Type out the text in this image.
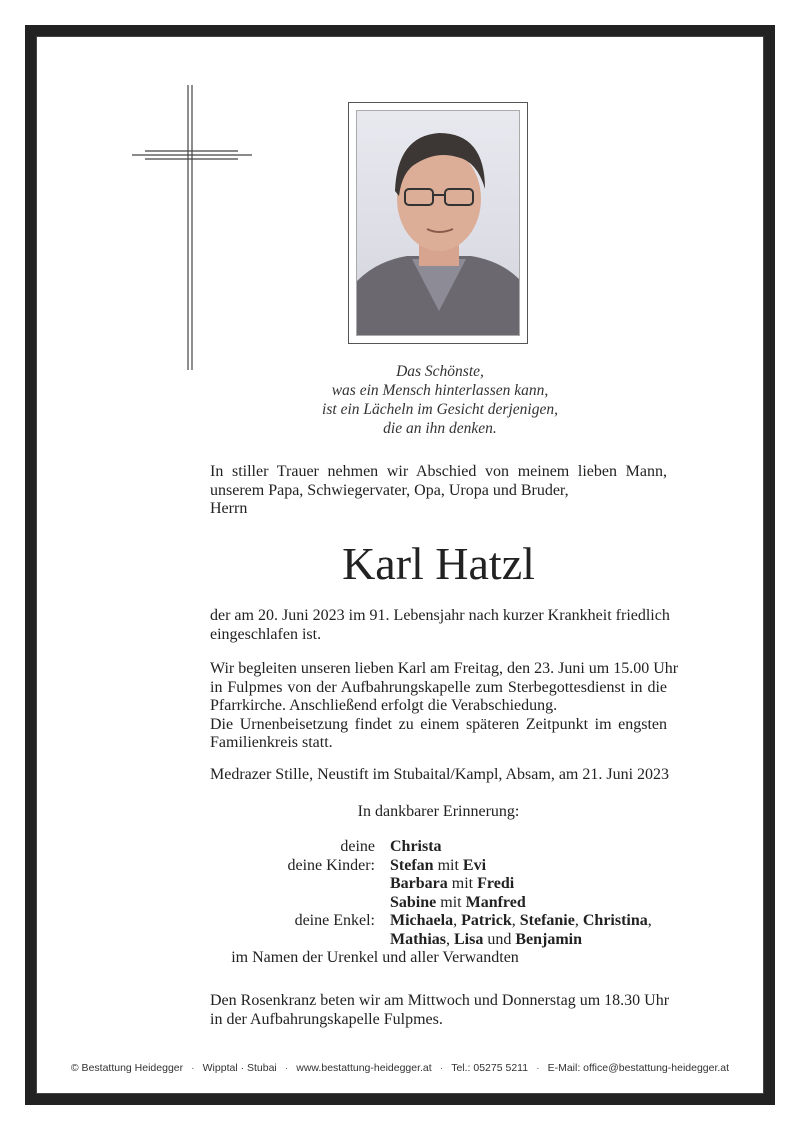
Das Schönste,
was ein Mensch hinterlassen kann,
ist ein Lächeln im Gesicht derjenigen,
die an ihn denken.
In stiller Trauer nehmen wir Abschied von meinem lieben Mann,
unserem Papa, Schwiegervater, Opa, Uropa und Bruder,
Herrn
Karl Hatzl
der am 20. Juni 2023 im 91. Lebensjahr nach kurzer Krankheit friedlich
eingeschlafen ist.
Wir begleiten unseren lieben Karl am Freitag, den 23. Juni um 15.00 Uhr
in Fulpmes von der Aufbahrungskapelle zum Sterbegottesdienst in die
Pfarrkirche. Anschließend erfolgt die Verabschiedung.
Die Urnenbeisetzung findet zu einem späteren Zeitpunkt im engsten
Familienkreis statt.
Medrazer Stille, Neustift im Stubaital/Kampl, Absam, am 21. Juni 2023
In dankbarer Erinnerung:
deine Christa
deine Kinder: Stefan mit Evi
Barbara mit Fredi
Sabine mit Manfred
deine Enkel: Michaela, Patrick, Stefanie, Christina,
Mathias, Lisa und Benjamin
im Namen der Urenkel und aller Verwandten
Den Rosenkranz beten wir am Mittwoch und Donnerstag um 18.30 Uhr
in der Aufbahrungskapelle Fulpmes.
© Bestattung Heidegger · Wipptal · Stubai · www.bestattung-heidegger.at · Tel.: 05275 5211 · E-Mail: office@bestattung-heidegger.at
